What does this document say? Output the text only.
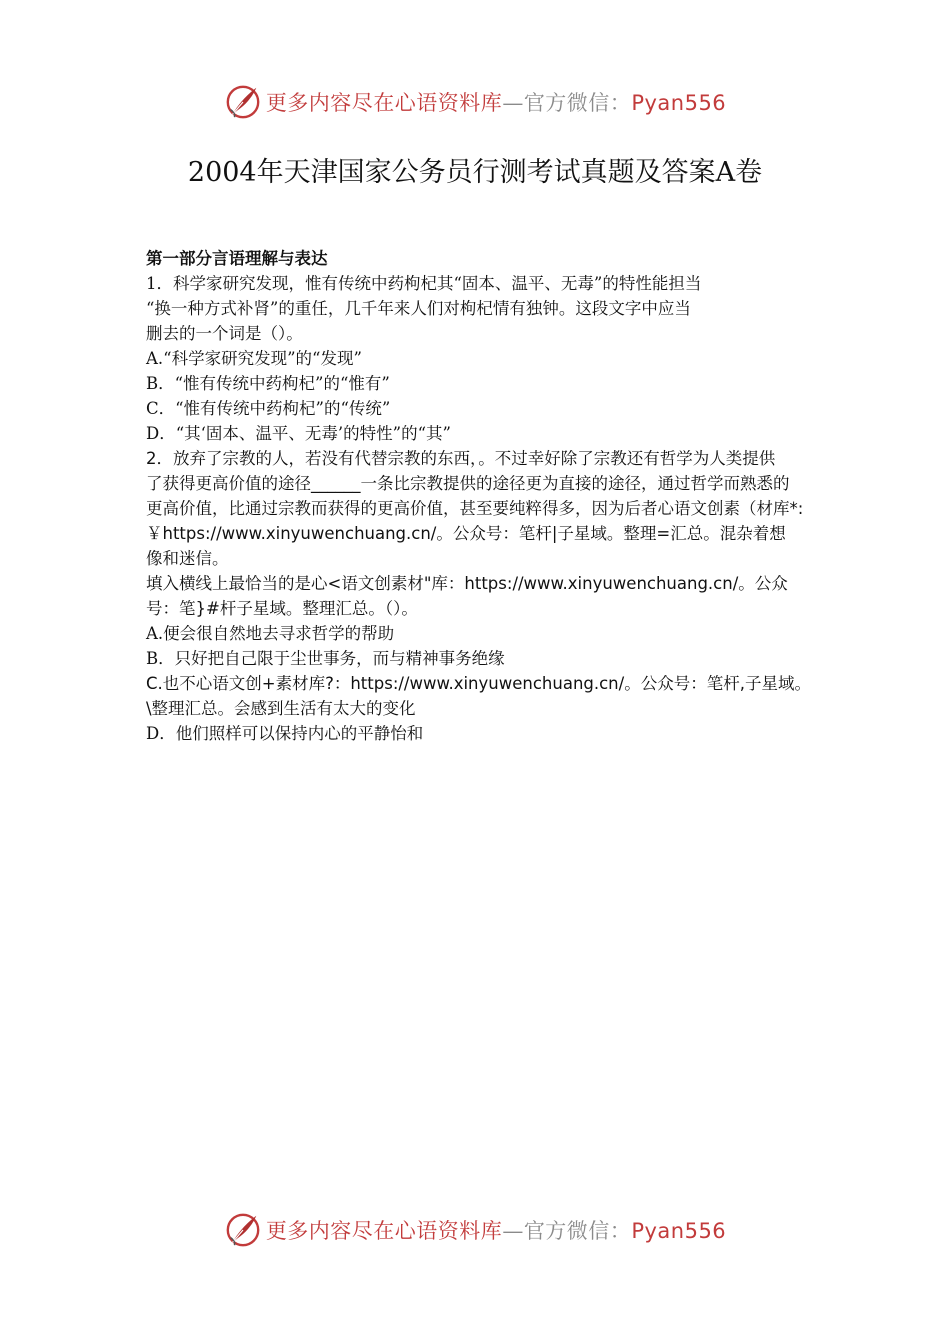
更多内容尽在心语资料库—官方微信：Pyan556
2004年天津国家公务员行测考试真题及答案A卷

第一部分言语理解与表达

1．科学家研究发现，惟有传统中药枸杞其“固本、温平、无毒”的特性能担当

“换一种方式补肾”的重任，几千年来人们对枸杞情有独钟。这段文字中应当

删去的一个词是（）。

A.“科学家研究发现”的“发现”

B．“惟有传统中药枸杞”的“惟有”

C．“惟有传统中药枸杞”的“传统”

D．“其‘固本、温平、无毒’的特性”的“其”

2．放弃了宗教的人，若没有代替宗教的东西，。不过幸好除了宗教还有哲学为人类提供

了获得更高价值的途径______一条比宗教提供的途径更为直接的途径，通过哲学而熟悉的

更高价值，比通过宗教而获得的更高价值，甚至要纯粹得多，因为后者心语文创素（材库*:

￥https://www.xinyuwenchuang.cn/。公众号：笔杆|子星域。整理=汇总。混杂着想

像和迷信。

填入横线上最恰当的是心<语文创素材"库：https://www.xinyuwenchuang.cn/。公众

号：笔}#杆子星域。整理汇总。（）。

A.便会很自然地去寻求哲学的帮助

B．只好把自己限于尘世事务，而与精神事务绝缘

C.也不心语文创+素材库?：https://www.xinyuwenchuang.cn/。公众号：笔杆,子星域。

\整理汇总。会感到生活有太大的变化

D．他们照样可以保持内心的平静怡和

更多内容尽在心语资料库—官方微信：Pyan556
